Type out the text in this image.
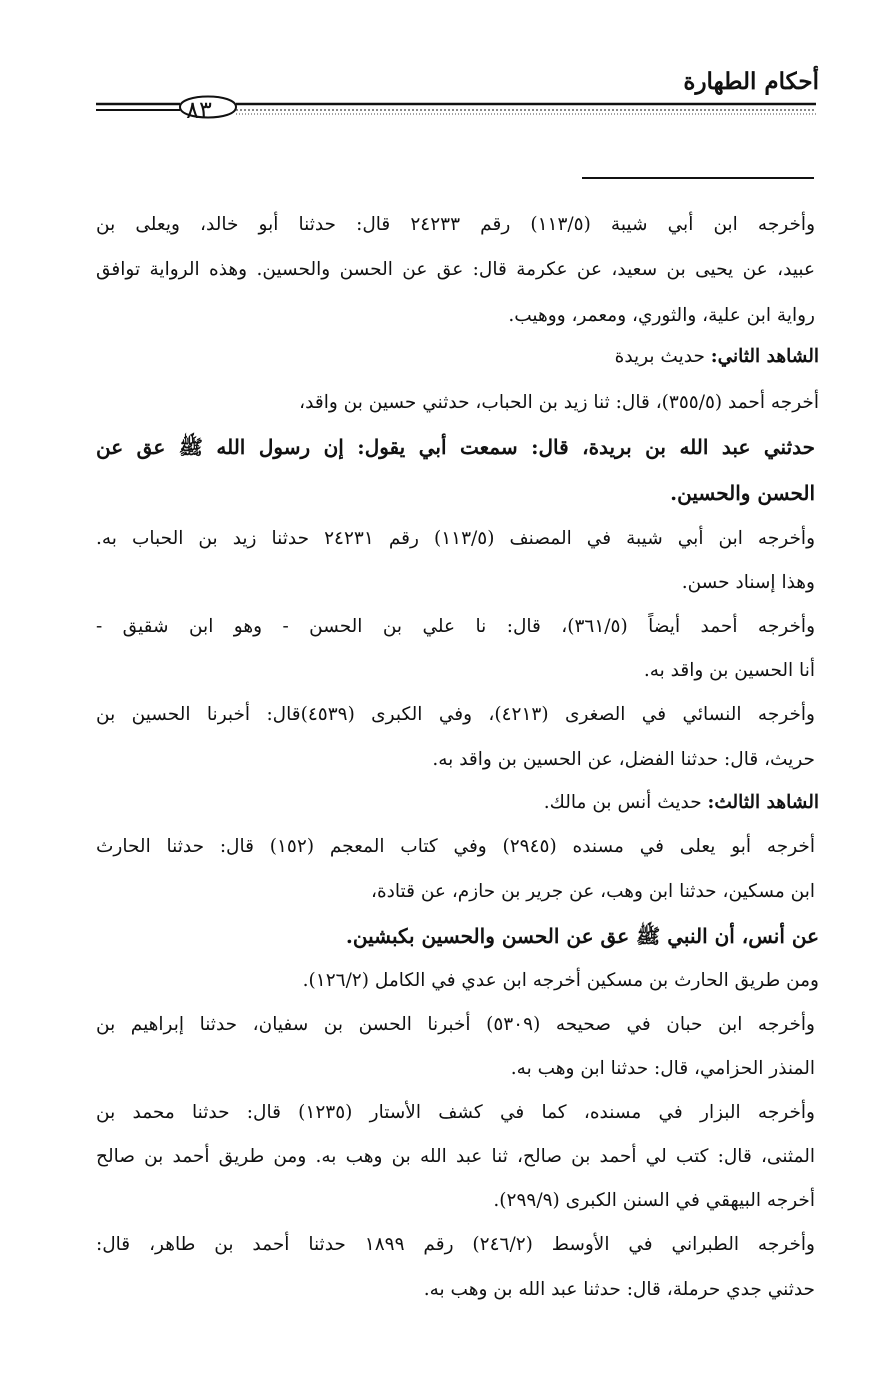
أحكام الطهارة
٨٣
وأخرجه ابن أبي شيبة (١١٣/٥) رقم ٢٤٢٣٣ قال: حدثنا أبو خالد، ويعلى بن
عبيد، عن يحيى بن سعيد، عن عكرمة قال: عق عن الحسن والحسين. وهذه الرواية توافق
رواية ابن علية، والثوري، ومعمر، ووهيب.
الشاهد الثاني: حديث بريدة
أخرجه أحمد (٣٥٥/٥)، قال: ثنا زيد بن الحباب، حدثني حسين بن واقد،
حدثني عبد الله بن بريدة، قال: سمعت أبي يقول: إن رسول الله ﷺ عق عن
الحسن والحسين.
وأخرجه ابن أبي شيبة في المصنف (١١٣/٥) رقم ٢٤٢٣١ حدثنا زيد بن الحباب به.
وهذا إسناد حسن.
وأخرجه أحمد أيضاً (٣٦١/٥)، قال: نا علي بن الحسن - وهو ابن شقيق -
أنا الحسين بن واقد به.
وأخرجه النسائي في الصغرى (٤٢١٣)، وفي الكبرى (٤٥٣٩)قال: أخبرنا الحسين بن
حريث، قال: حدثنا الفضل، عن الحسين بن واقد به.
الشاهد الثالث: حديث أنس بن مالك.
أخرجه أبو يعلى في مسنده (٢٩٤٥) وفي كتاب المعجم (١٥٢) قال: حدثنا الحارث
ابن مسكين، حدثنا ابن وهب، عن جرير بن حازم، عن قتادة،
عن أنس، أن النبي ﷺ عق عن الحسن والحسين بكبشين.
ومن طريق الحارث بن مسكين أخرجه ابن عدي في الكامل (١٢٦/٢).
وأخرجه ابن حبان في صحيحه (٥٣٠٩) أخبرنا الحسن بن سفيان، حدثنا إبراهيم بن
المنذر الحزامي، قال: حدثنا ابن وهب به.
وأخرجه البزار في مسنده، كما في كشف الأستار (١٢٣٥) قال: حدثنا محمد بن
المثنى، قال: كتب لي أحمد بن صالح، ثنا عبد الله بن وهب به. ومن طريق أحمد بن صالح
أخرجه البيهقي في السنن الكبرى (٢٩٩/٩).
وأخرجه الطبراني في الأوسط (٢٤٦/٢) رقم ١٨٩٩ حدثنا أحمد بن طاهر، قال:
حدثني جدي حرملة، قال: حدثنا عبد الله بن وهب به.
